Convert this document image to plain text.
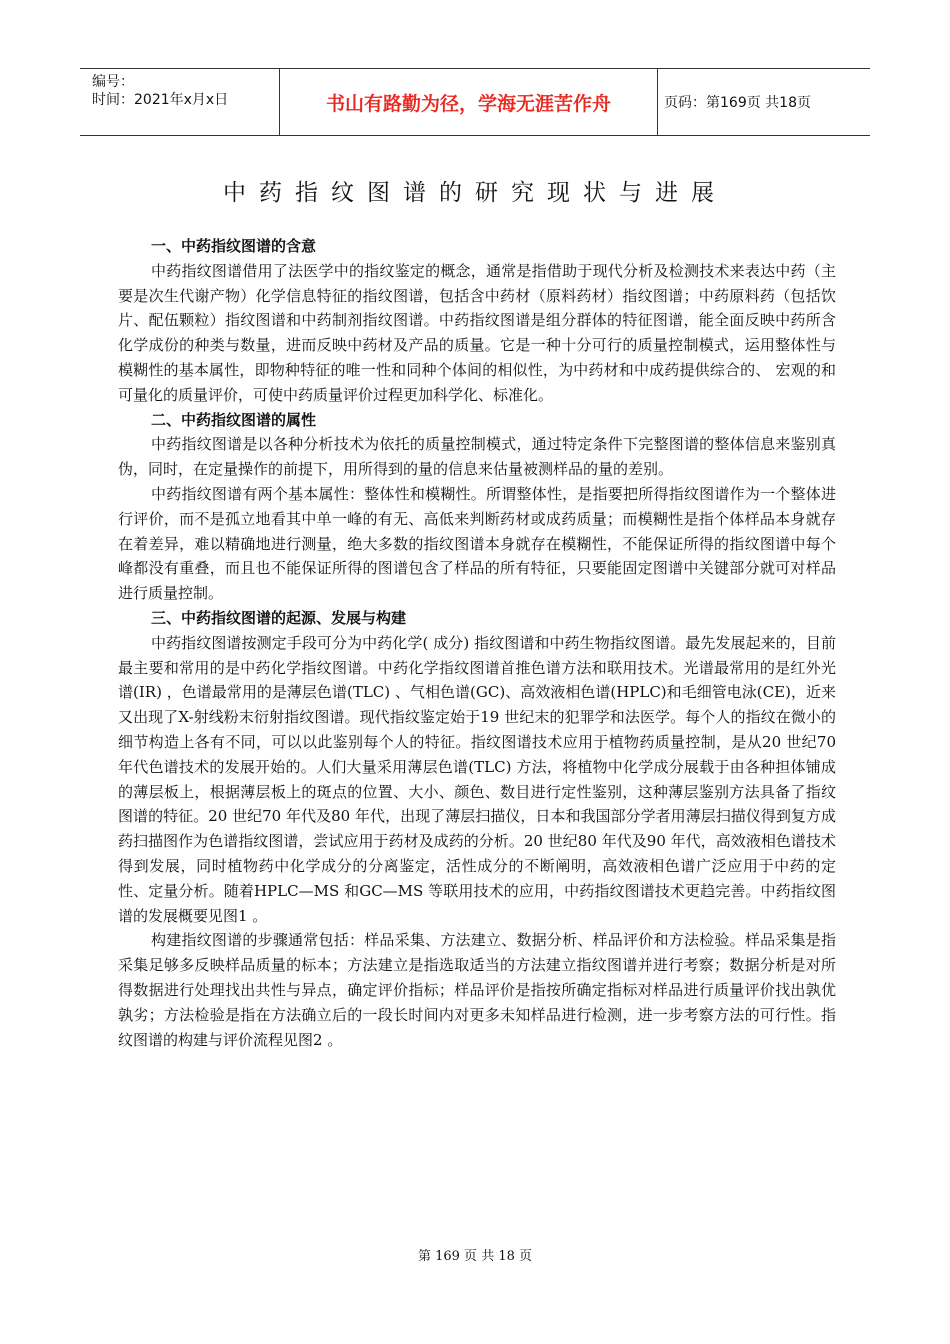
编号：
时间：2021年x月x日	书山有路勤为径，学海无涯苦作舟	页码：第169页 共18页
中药指纹图谱的研究现状与进展
一、中药指纹图谱的含意

中药指纹图谱借用了法医学中的指纹鉴定的概念，通常是指借助于现代分析及检测技术来表达中药（主要是次生代谢产物）化学信息特征的指纹图谱，包括含中药材（原料药材）指纹图谱；中药原料药（包括饮片、配伍颗粒）指纹图谱和中药制剂指纹图谱。中药指纹图谱是组分群体的特征图谱，能全面反映中药所含化学成份的种类与数量，进而反映中药材及产品的质量。它是一种十分可行的质量控制模式，运用整体性与模糊性的基本属性，即物种特征的唯一性和同种个体间的相似性，为中药材和中成药提供综合的、 宏观的和可量化的质量评价，可使中药质量评价过程更加科学化、标准化。

二、中药指纹图谱的属性

中药指纹图谱是以各种分析技术为依托的质量控制模式，通过特定条件下完整图谱的整体信息来鉴别真伪，同时，在定量操作的前提下，用所得到的量的信息来估量被测样品的量的差别。

中药指纹图谱有两个基本属性：整体性和模糊性。所谓整体性，是指要把所得指纹图谱作为一个整体进行评价，而不是孤立地看其中单一峰的有无、高低来判断药材或成药质量；而模糊性是指个体样品本身就存在着差异，难以精确地进行测量，绝大多数的指纹图谱本身就存在模糊性，不能保证所得的指纹图谱中每个峰都没有重叠，而且也不能保证所得的图谱包含了样品的所有特征，只要能固定图谱中关键部分就可对样品进行质量控制。

三、中药指纹图谱的起源、发展与构建

中药指纹图谱按测定手段可分为中药化学( 成分) 指纹图谱和中药生物指纹图谱。最先发展起来的，目前最主要和常用的是中药化学指纹图谱。中药化学指纹图谱首推色谱方法和联用技术。光谱最常用的是红外光谱(IR) ，色谱最常用的是薄层色谱(TLC) 、气相色谱(GC)、高效液相色谱(HPLC)和毛细管电泳(CE)，近来又出现了X-射线粉末衍射指纹图谱。现代指纹鉴定始于19 世纪末的犯罪学和法医学。每个人的指纹在微小的细节构造上各有不同，可以以此鉴别每个人的特征。指纹图谱技术应用于植物药质量控制，是从20 世纪70 年代色谱技术的发展开始的。人们大量采用薄层色谱(TLC) 方法，将植物中化学成分展载于由各种担体铺成的薄层板上，根据薄层板上的斑点的位置、大小、颜色、数目进行定性鉴别，这种薄层鉴别方法具备了指纹图谱的特征。20 世纪70 年代及80 年代，出现了薄层扫描仪，日本和我国部分学者用薄层扫描仪得到复方成药扫描图作为色谱指纹图谱，尝试应用于药材及成药的分析。20 世纪80 年代及90 年代，高效液相色谱技术得到发展，同时植物药中化学成分的分离鉴定，活性成分的不断阐明，高效液相色谱广泛应用于中药的定性、定量分析。随着HPLC—MS 和GC—MS 等联用技术的应用，中药指纹图谱技术更趋完善。中药指纹图谱的发展概要见图1 。

构建指纹图谱的步骤通常包括：样品采集、方法建立、数据分析、样品评价和方法检验。样品采集是指采集足够多反映样品质量的标本；方法建立是指选取适当的方法建立指纹图谱并进行考察；数据分析是对所得数据进行处理找出共性与异点，确定评价指标；样品评价是指按所确定指标对样品进行质量评价找出孰优孰劣；方法检验是指在方法确立后的一段长时间内对更多未知样品进行检测，进一步考察方法的可行性。指纹图谱的构建与评价流程见图2 。

第 169 页 共 18 页
